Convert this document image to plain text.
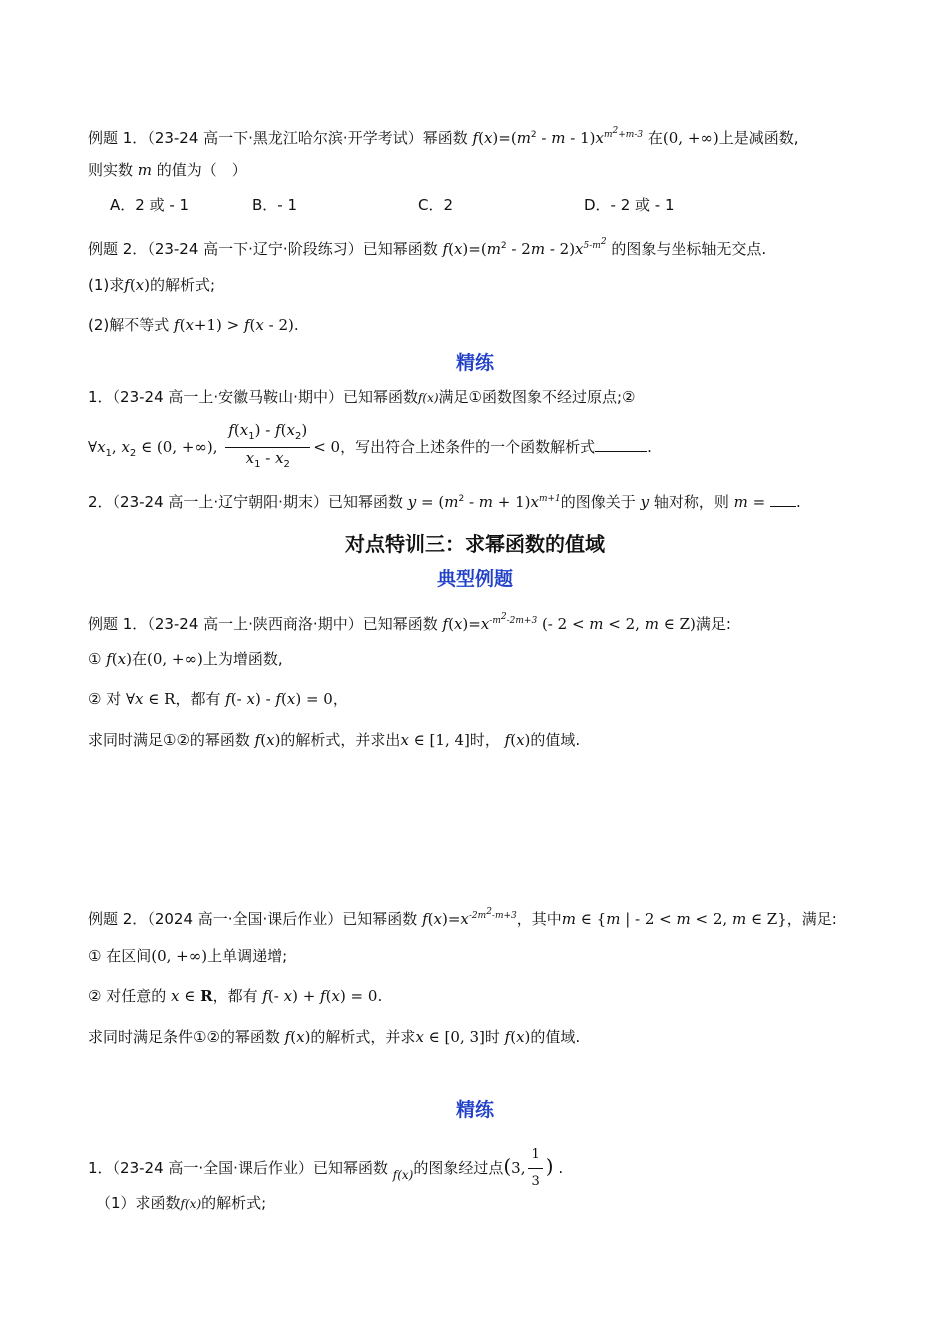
例题 1．（23-24 高一下·黑龙江哈尔滨·开学考试）幂函数 $f(x)=(m^2 - m - 1)x^{m^2+m-3}$ 在(0, +∞)上是减函数,
则实数 m 的值为（　）
A．2 或 - 1	B．- 1	C．2	D．- 2 或 - 1
例题 2．（23-24 高一下·辽宁·阶段练习）已知幂函数 $f(x)=(m^2 - 2m - 2)x^{5-m^2}$ 的图象与坐标轴无交点.
(1)求f(x)的解析式;
(2)解不等式 f(x+1) > f(x - 2).
精练
1．（23-24 高一上·安徽马鞍山·期中）已知幂函数f(x)满足①函数图象不经过原点;②
$\forall x_1$, $x_2$ ∈ (0, +∞), $\frac{f(x_1) - f(x_2)}{x_1 - x_2} < 0$，写出符合上述条件的一个函数解析式	.
2．（23-24 高一上·辽宁朝阳·期末）已知幂函数 $y = (m^2 - m + 1)x^{m+1}$的图像关于 y 轴对称，则 m = .
对点特训三：求幂函数的值域
典型例题
例题 1．（23-24 高一上·陕西商洛·期中）已知幂函数 $f(x)=x^{-m^2-2m+3}$ (- 2 < m < 2, m ∈ Z)满足:
① f(x)在(0, +∞)上为增函数,
② 对 ∀x ∈ R，都有 f(- x) - f(x) = 0，
求同时满足①②的幂函数 f(x)的解析式，并求出x ∈ [1, 4]时， f(x)的值域.
例题 2．（2024 高一·全国·课后作业）已知幂函数 $f(x)=x^{-2m^2-m+3}$，其中m ∈ {m | - 2 < m < 2, m ∈ Z}，满足:
① 在区间(0, +∞)上单调递增;
② 对任意的 x ∈ R，都有 f(- x) + f(x) = 0.
求同时满足条件①②的幂函数 f(x)的解析式，并求x ∈ [0, 3]时 f(x)的值域.
精练
1．（23-24 高一·全国·课后作业）已知幂函数 $_{f(x)}$的图象经过点(3, $\frac{1}{3}$ ) .
（1）求函数f(x)的解析式;
